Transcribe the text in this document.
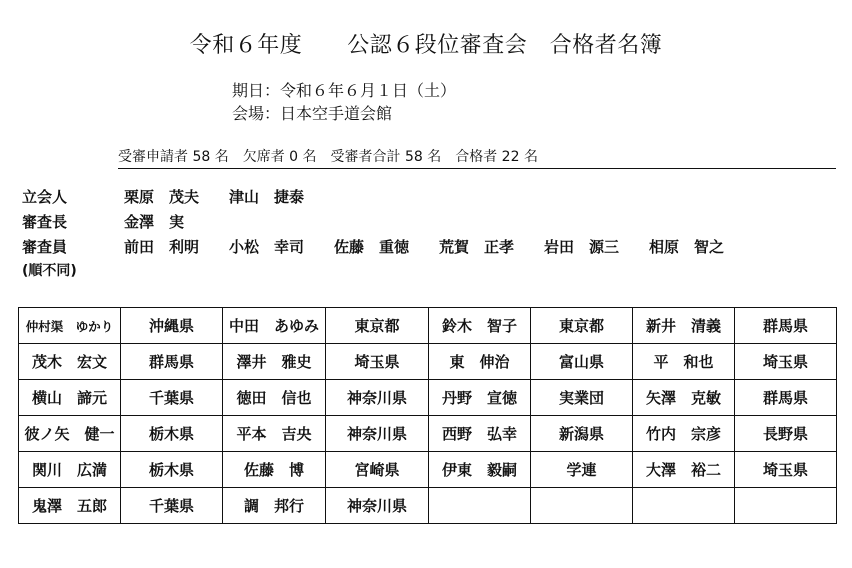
令和６年度　　公認６段位審査会　合格者名簿
期日：令和６年６月１日（土）
会場：日本空手道会館
受審申請者 58 名　欠席者 0 名　受審者合計 58 名　合格者 22 名
立会人	栗原　茂夫　　津山　捷泰
審査長	金澤　実
審査員	前田　利明　　小松　幸司　　佐藤　重徳　　荒賀　正孝　　岩田　源三　　相原　智之
(順不同)
仲村渠　ゆかり	沖縄県	中田　あゆみ	東京都	鈴木　智子	東京都	新井　清義	群馬県
茂木　宏文	群馬県	澤井　雅史	埼玉県	東　伸治	富山県	平　和也	埼玉県
横山　諦元	千葉県	徳田　信也	神奈川県	丹野　宣徳	実業団	矢澤　克敏	群馬県
彼ノ矢　健一	栃木県	平本　吉央	神奈川県	西野　弘幸	新潟県	竹内　宗彦	長野県
関川　広満	栃木県	佐藤　博	宮崎県	伊東　毅嗣	学連	大澤　裕二	埼玉県
鬼澤　五郎	千葉県	調　邦行	神奈川県				
